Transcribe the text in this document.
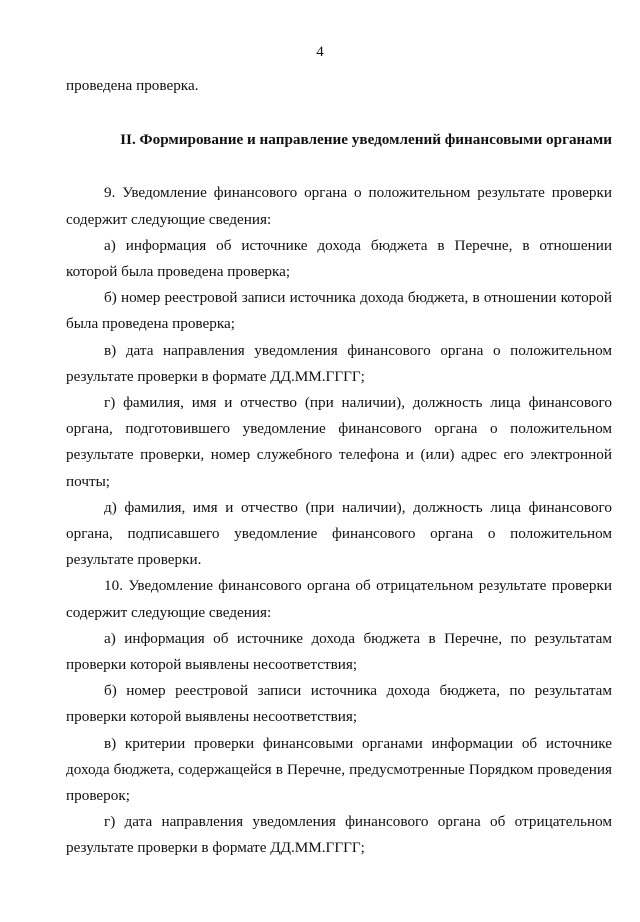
4

проведена проверка.

II. Формирование и направление уведомлений финансовыми органами

9. Уведомление финансового органа о положительном результате проверки содержит следующие сведения:

а) информация об источнике дохода бюджета в Перечне, в отношении которой была проведена проверка;

б) номер реестровой записи источника дохода бюджета, в отношении которой была проведена проверка;

в) дата направления уведомления финансового органа о положительном результате проверки в формате ДД.ММ.ГГГГ;

г) фамилия, имя и отчество (при наличии), должность лица финансового органа, подготовившего уведомление финансового органа о положительном результате проверки, номер служебного телефона и (или) адрес его электронной почты;

д) фамилия, имя и отчество (при наличии), должность лица финансового органа, подписавшего уведомление финансового органа о положительном результате проверки.

10. Уведомление финансового органа об отрицательном результате проверки содержит следующие сведения:

а) информация об источнике дохода бюджета в Перечне, по результатам проверки которой выявлены несоответствия;

б) номер реестровой записи источника дохода бюджета, по результатам проверки которой выявлены несоответствия;

в) критерии проверки финансовыми органами информации об источнике дохода бюджета, содержащейся в Перечне, предусмотренные Порядком проведения проверок;

г) дата направления уведомления финансового органа об отрицательном результате проверки в формате ДД.ММ.ГГГГ;
